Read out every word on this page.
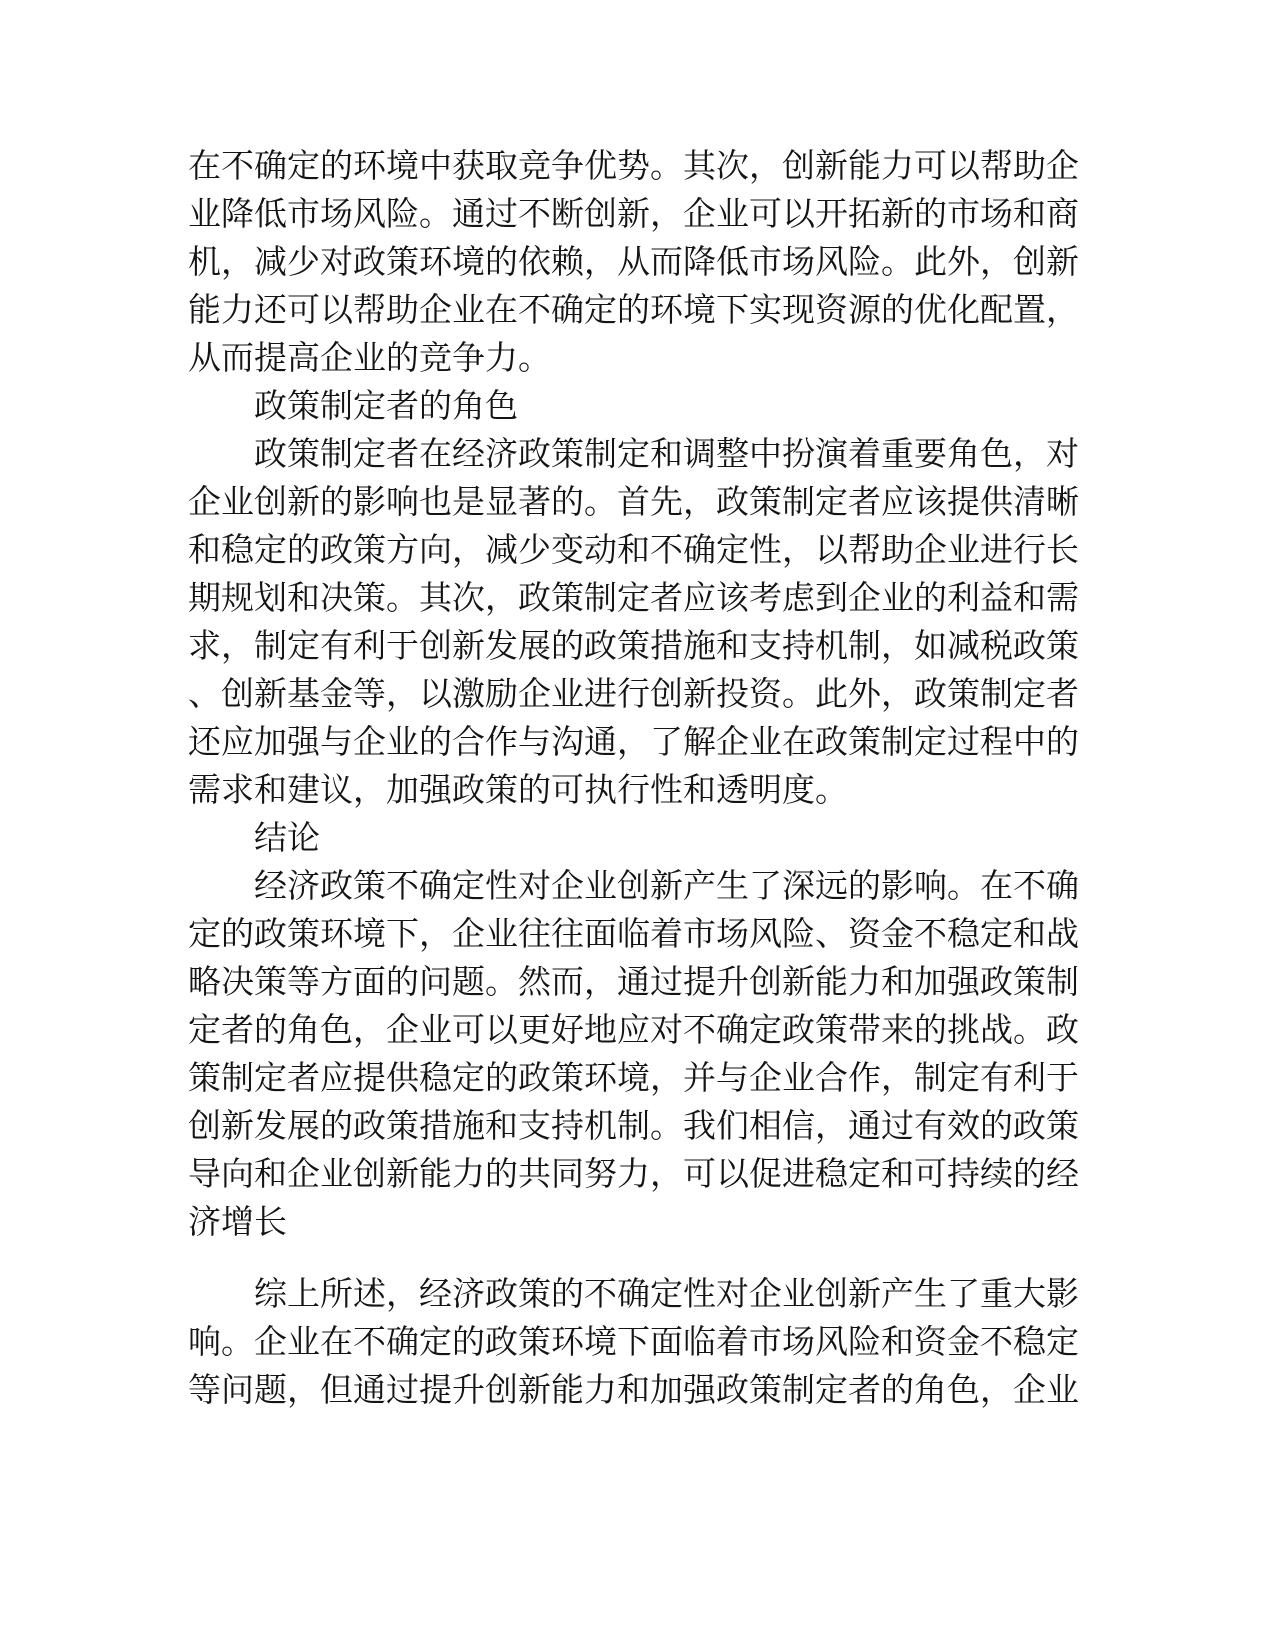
在不确定的环境中获取竞争优势。其次，创新能力可以帮助企
业降低市场风险。通过不断创新，企业可以开拓新的市场和商
机，减少对政策环境的依赖，从而降低市场风险。此外，创新
能力还可以帮助企业在不确定的环境下实现资源的优化配置，
从而提高企业的竞争力。
政策制定者的角色
政策制定者在经济政策制定和调整中扮演着重要角色，对
企业创新的影响也是显著的。首先，政策制定者应该提供清晰
和稳定的政策方向，减少变动和不确定性，以帮助企业进行长
期规划和决策。其次，政策制定者应该考虑到企业的利益和需
求，制定有利于创新发展的政策措施和支持机制，如减税政策
、创新基金等，以激励企业进行创新投资。此外，政策制定者
还应加强与企业的合作与沟通，了解企业在政策制定过程中的
需求和建议，加强政策的可执行性和透明度。
结论
经济政策不确定性对企业创新产生了深远的影响。在不确
定的政策环境下，企业往往面临着市场风险、资金不稳定和战
略决策等方面的问题。然而，通过提升创新能力和加强政策制
定者的角色，企业可以更好地应对不确定政策带来的挑战。政
策制定者应提供稳定的政策环境，并与企业合作，制定有利于
创新发展的政策措施和支持机制。我们相信，通过有效的政策
导向和企业创新能力的共同努力，可以促进稳定和可持续的经
济增长
综上所述，经济政策的不确定性对企业创新产生了重大影
响。企业在不确定的政策环境下面临着市场风险和资金不稳定
等问题，但通过提升创新能力和加强政策制定者的角色，企业
